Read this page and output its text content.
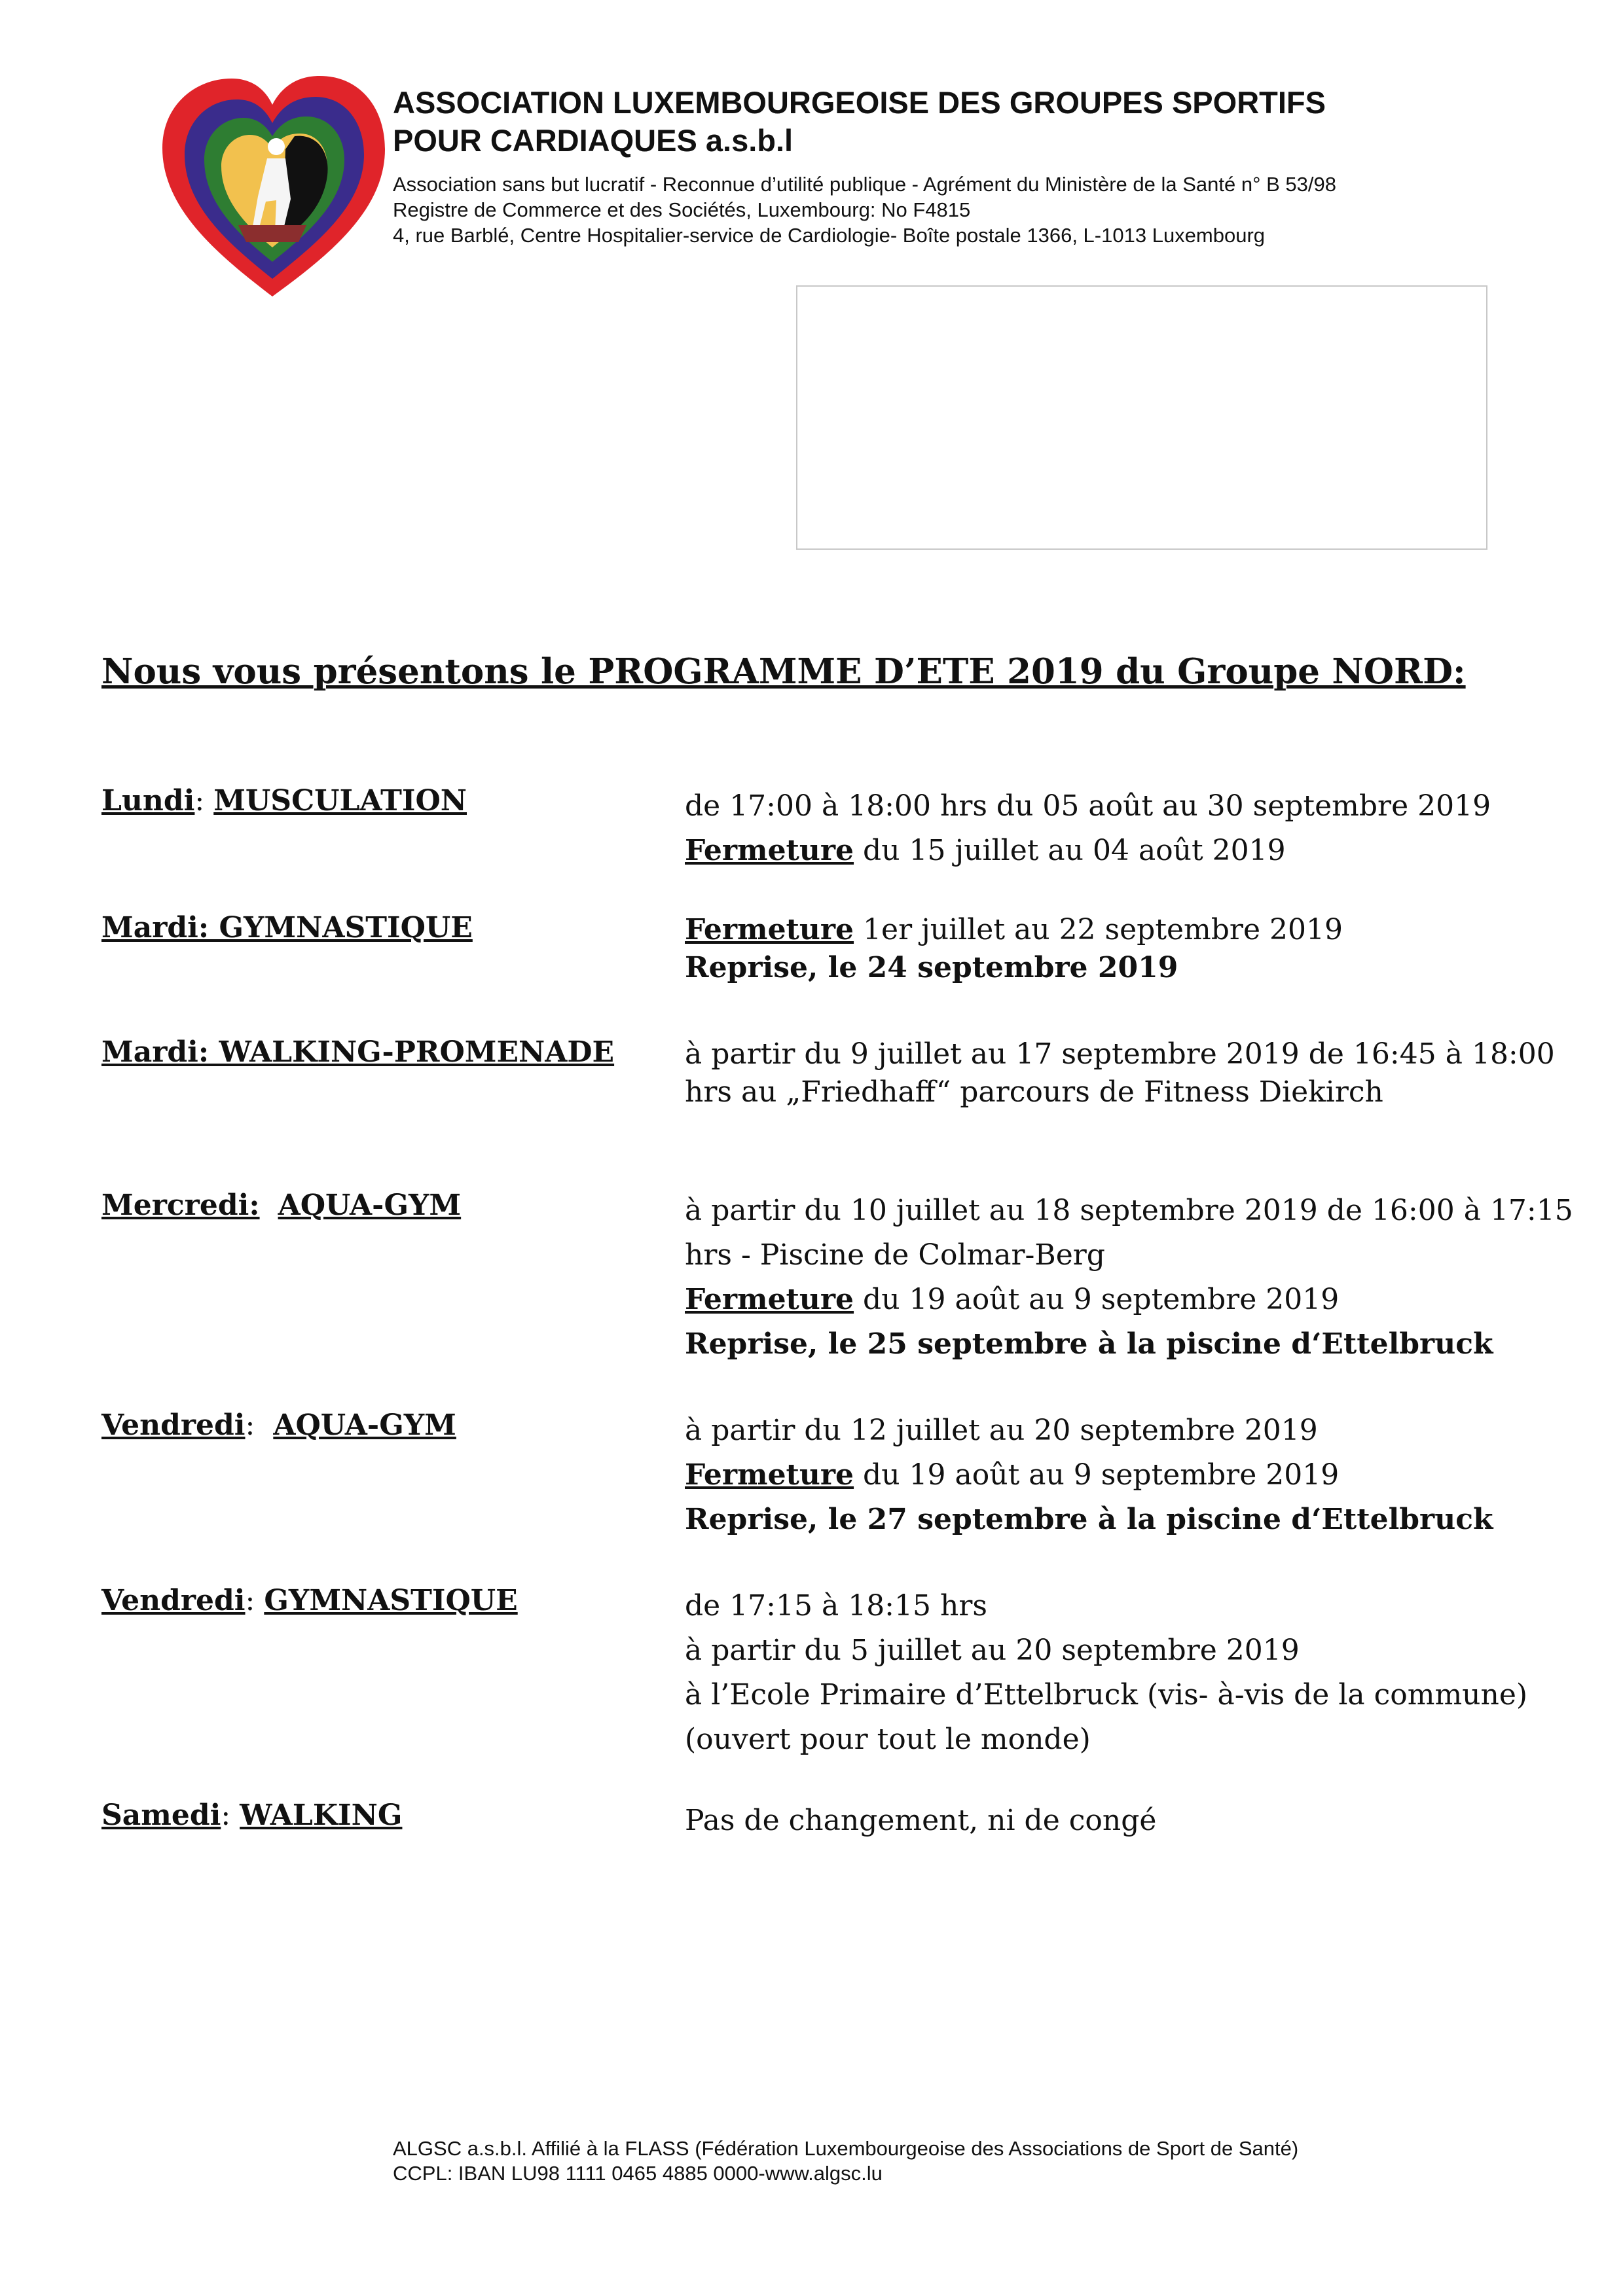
ASSOCIATION LUXEMBOURGEOISE DES GROUPES SPORTIFS
POUR CARDIAQUES a.s.b.l
Association sans but lucratif - Reconnue d’utilité publique - Agrément du Ministère de la Santé n° B 53/98
Registre de Commerce et des Sociétés, Luxembourg: No F4815
4, rue Barblé, Centre Hospitalier-service de Cardiologie- Boîte postale 1366, L-1013 Luxembourg
Nous vous présentons le PROGRAMME D’ETE 2019 du Groupe NORD:
Lundi: MUSCULATION	de 17:00 à 18:00 hrs du 05 août au 30 septembre 2019
Fermeture du 15 juillet au 04 août 2019
Mardi: GYMNASTIQUE	Fermeture 1er juillet au 22 septembre 2019
Reprise, le 24 septembre 2019
Mardi: WALKING-PROMENADE à partir du 9 juillet au 17 septembre 2019 de 16:45 à 18:00
hrs au „Friedhaff“ parcours de Fitness Diekirch
Mercredi: AQUA-GYM	à partir du 10 juillet au 18 septembre 2019 de 16:00 à 17:15
hrs - Piscine de Colmar-Berg
Fermeture du 19 août au 9 septembre 2019
Reprise, le 25 septembre à la piscine d‘Ettelbruck
Vendredi:  AQUA-GYM	à partir du 12 juillet au 20 septembre 2019
Fermeture du 19 août au 9 septembre 2019
Reprise, le 27 septembre à la piscine d‘Ettelbruck
Vendredi: GYMNASTIQUE	de 17:15 à 18:15 hrs
à partir du 5 juillet au 20 septembre 2019
à l’Ecole Primaire d’Ettelbruck (vis- à-vis de la commune)
(ouvert pour tout le monde)
Samedi: WALKING	Pas de changement, ni de congé
ALGSC a.s.b.l. Affilié à la FLASS (Fédération Luxembourgeoise des Associations de Sport de Santé)
CCPL: IBAN LU98 1111 0465 4885 0000-www.algsc.lu
